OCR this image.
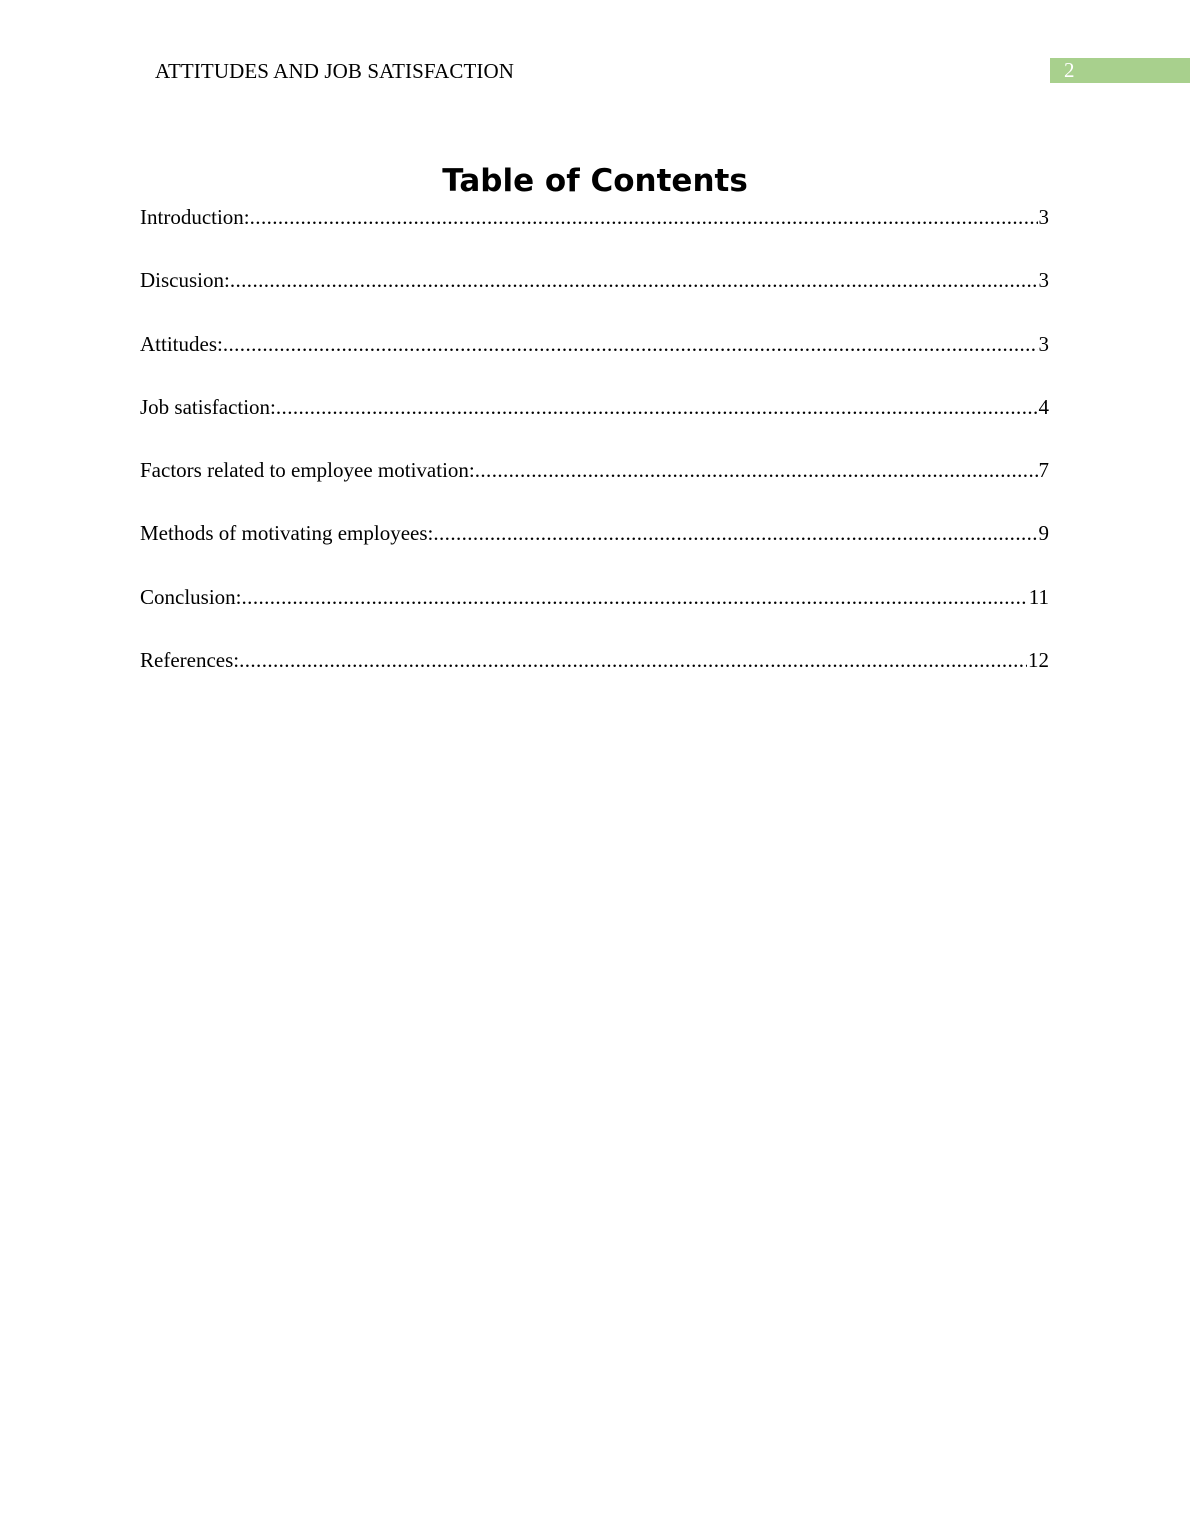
ATTITUDES AND JOB SATISFACTION	2
Table of Contents
Introduction: .....	3
Discusion: .....	3
Attitudes: .....	3
Job satisfaction: .....	4
Factors related to employee motivation: .....	7
Methods of motivating employees: .....	9
Conclusion: .....	11
References: .....	12
